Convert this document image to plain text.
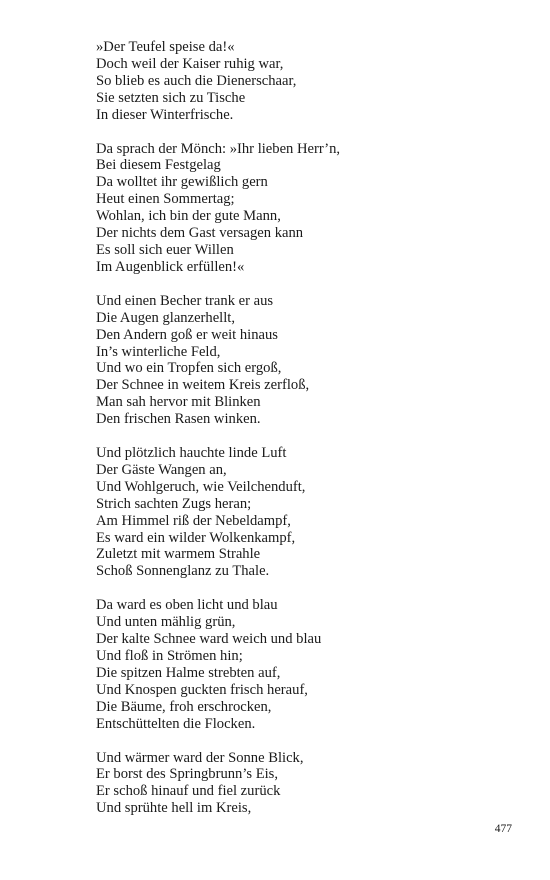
»Der Teufel speise da!«
Doch weil der Kaiser ruhig war,
So blieb es auch die Dienerschaar,
Sie setzten sich zu Tische
In dieser Winterfrische.
Da sprach der Mönch: »Ihr lieben Herr’n,
Bei diesem Festgelag
Da wolltet ihr gewißlich gern
Heut einen Sommertag;
Wohlan, ich bin der gute Mann,
Der nichts dem Gast versagen kann
Es soll sich euer Willen
Im Augenblick erfüllen!«
Und einen Becher trank er aus
Die Augen glanzerhellt,
Den Andern goß er weit hinaus
In’s winterliche Feld,
Und wo ein Tropfen sich ergoß,
Der Schnee in weitem Kreis zerfloß,
Man sah hervor mit Blinken
Den frischen Rasen winken.
Und plötzlich hauchte linde Luft
Der Gäste Wangen an,
Und Wohlgeruch, wie Veilchenduft,
Strich sachten Zugs heran;
Am Himmel riß der Nebeldampf,
Es ward ein wilder Wolkenkampf,
Zuletzt mit warmem Strahle
Schoß Sonnenglanz zu Thale.
Da ward es oben licht und blau
Und unten mählig grün,
Der kalte Schnee ward weich und blau
Und floß in Strömen hin;
Die spitzen Halme strebten auf,
Und Knospen guckten frisch herauf,
Die Bäume, froh erschrocken,
Entschüttelten die Flocken.
Und wärmer ward der Sonne Blick,
Er borst des Springbrunn’s Eis,
Er schoß hinauf und fiel zurück
Und sprühte hell im Kreis,
477
